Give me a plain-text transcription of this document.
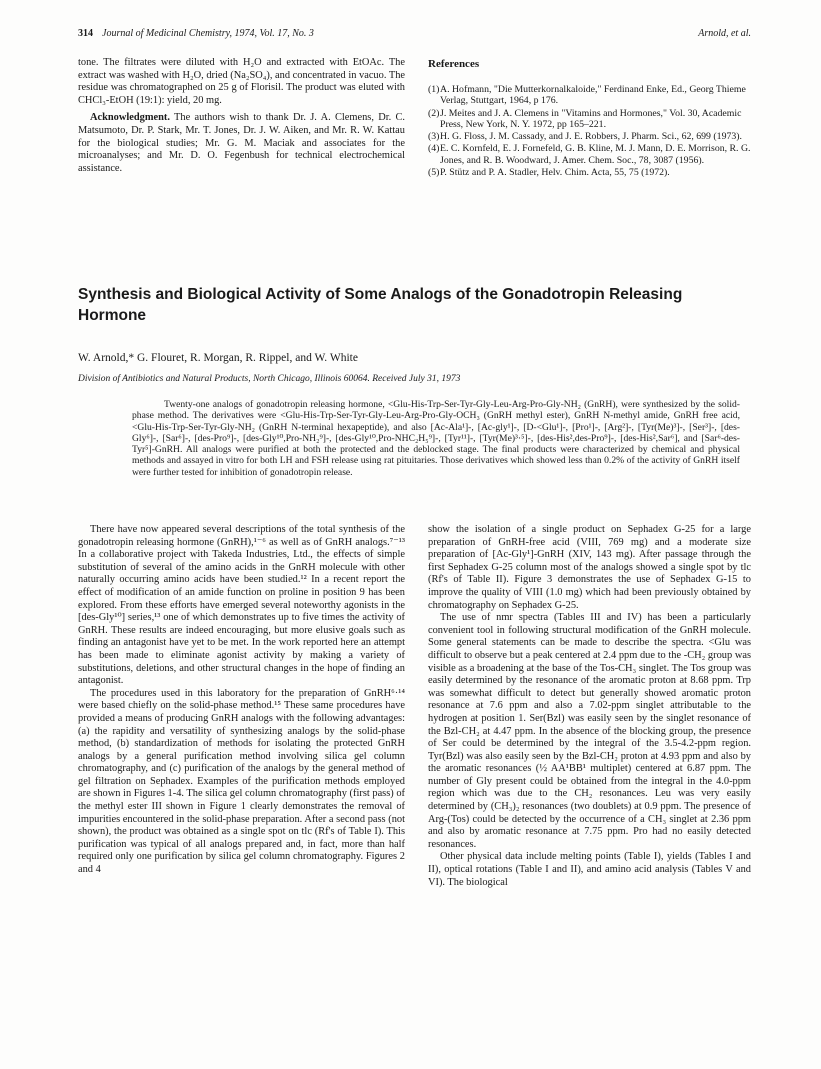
314 Journal of Medicinal Chemistry, 1974, Vol. 17, No. 3	Arnold, et al.

tone. The filtrates were diluted with H₂O and extracted with EtOAc. The extract was washed with H₂O, dried (Na₂SO₄), and concentrated in vacuo. The residue was chromatographed on 25 g of Florisil. The product was eluted with CHCl₃-EtOH (19:1): yield, 20 mg.

Acknowledgment. The authors wish to thank Dr. J. A. Clemens, Dr. C. Matsumoto, Dr. P. Stark, Mr. T. Jones, Dr. J. W. Aiken, and Mr. R. W. Kattau for the biological studies; Mr. G. M. Maciak and associates for the microanalyses; and Mr. D. O. Fegenbush for technical electrochemical assistance.

References

(1) A. Hofmann, "Die Mutterkornalkaloide," Ferdinand Enke, Ed., Georg Thieme Verlag, Stuttgart, 1964, p 176.
(2) J. Meites and J. A. Clemens in "Vitamins and Hormones," Vol. 30, Academic Press, New York, N. Y. 1972, pp 165–221.
(3) H. G. Floss, J. M. Cassady, and J. E. Robbers, J. Pharm. Sci., 62, 699 (1973).
(4) E. C. Kornfeld, E. J. Fornefeld, G. B. Kline, M. J. Mann, D. E. Morrison, R. G. Jones, and R. B. Woodward, J. Amer. Chem. Soc., 78, 3087 (1956).
(5) P. Stütz and P. A. Stadler, Helv. Chim. Acta, 55, 75 (1972).
Synthesis and Biological Activity of Some Analogs of the Gonadotropin Releasing Hormone

W. Arnold,* G. Flouret, R. Morgan, R. Rippel, and W. White

Division of Antibiotics and Natural Products, North Chicago, Illinois 60064. Received July 31, 1973

Twenty-one analogs of gonadotropin releasing hormone, <Glu-His-Trp-Ser-Tyr-Gly-Leu-Arg-Pro-Gly-NH₂ (GnRH), were synthesized by the solid-phase method. The derivatives were <Glu-His-Trp-Ser-Tyr-Gly-Leu-Arg-Pro-Gly-OCH₃ (GnRH methyl ester), GnRH N-methyl amide, GnRH free acid, <Glu-His-Trp-Ser-Tyr-Gly-NH₂ (GnRH N-terminal hexapeptide), and also [Ac-Ala¹]-, [Ac-gly¹]-, [D-<Glu¹]-, [Pro¹]-, [Arg²]-, [Tyr(Me)³]-, [Ser³]-, [des-Gly⁶]-, [Sar⁶]-, [des-Pro⁹]-, [des-Gly¹⁰,Pro-NH₂⁹]-, [des-Gly¹⁰,Pro-NHC₂H₅⁹]-, [Tyr¹¹]-, [Tyr(Me)³·⁵]-, [des-His²,des-Pro⁹]-, [des-His²,Sar⁶], and [Sar⁶-des-Tyr⁵]-GnRH. All analogs were purified at both the protected and the deblocked stage. The final products were characterized by chemical and physical methods and assayed in vitro for both LH and FSH release using rat pituitaries. Those derivatives which showed less than 0.2% of the activity of GnRH itself were further tested for inhibition of gonadotropin release.

There have now appeared several descriptions of the total synthesis of the gonadotropin releasing hormone (GnRH),¹⁻⁶ as well as of GnRH analogs.⁷⁻¹³ In a collaborative project with Takeda Industries, Ltd., the effects of simple substitution of several of the amino acids in the GnRH molecule with other naturally occurring amino acids have been studied.¹² In a recent report the effect of modification of an amide function on proline in position 9 has been explored. From these efforts have emerged several noteworthy agonists in the [des-Gly¹⁰] series,¹³ one of which demonstrates up to five times the activity of GnRH. These results are indeed encouraging, but more elusive goals such as finding an antagonist have yet to be met. In the work reported here an attempt has been made to eliminate agonist activity by making a variety of substitutions, deletions, and other structural changes in the hope of finding an antagonist.

The procedures used in this laboratory for the preparation of GnRH⁶·¹⁴ were based chiefly on the solid-phase method.¹⁵ These same procedures have provided a means of producing GnRH analogs with the following advantages: (a) the rapidity and versatility of synthesizing analogs by the solid-phase method, (b) standardization of methods for isolating the protected GnRH analogs by a general purification method involving silica gel column chromatography, and (c) purification of the analogs by the general method of gel filtration on Sephadex. Examples of the purification methods employed are shown in Figures 1-4. The silica gel column chromatography (first pass) of the methyl ester III shown in Figure 1 clearly demonstrates the removal of impurities encountered in the solid-phase preparation. After a second pass (not shown), the product was obtained as a single spot on tlc (Rf's of Table I). This purification was typical of all analogs prepared and, in fact, more than half required only one purification by silica gel column chromatography. Figures 2 and 4

show the isolation of a single product on Sephadex G-25 for a large preparation of GnRH-free acid (VIII, 769 mg) and a moderate size preparation of [Ac-Gly¹]-GnRH (XIV, 143 mg). After passage through the first Sephadex G-25 column most of the analogs showed a single spot by tlc (Rf's of Table II). Figure 3 demonstrates the use of Sephadex G-15 to improve the quality of VIII (1.0 mg) which had been previously obtained by chromatography on Sephadex G-25.

The use of nmr spectra (Tables III and IV) has been a particularly convenient tool in following structural modification of the GnRH molecule. Some general statements can be made to describe the spectra. <Glu was difficult to observe but a peak centered at 2.4 ppm due to the -CH₂ group was visible as a broadening at the base of the Tos-CH₃ singlet. The Tos group was easily determined by the resonance of the aromatic proton at 8.68 ppm. Trp was somewhat difficult to detect but generally showed aromatic proton resonance at 7.6 ppm and also a 7.02-ppm singlet attributable to the hydrogen at position 1. Ser(Bzl) was easily seen by the singlet resonance of the Bzl-CH₂ at 4.47 ppm. In the absence of the blocking group, the presence of Ser could be determined by the integral of the 3.5-4.2-ppm region. Tyr(Bzl) was also easily seen by the Bzl-CH₂ proton at 4.93 ppm and also by the aromatic resonances (½ AA¹BB¹ multiplet) centered at 6.87 ppm. The number of Gly present could be obtained from the integral in the 4.0-ppm region which was due to the CH₂ resonances. Leu was very easily determined by (CH₃)₂ resonances (two doublets) at 0.9 ppm. The presence of Arg-(Tos) could be detected by the occurrence of a CH₃ singlet at 2.36 ppm and also by aromatic resonance at 7.75 ppm. Pro had no easily detected resonances.

Other physical data include melting points (Table I), yields (Tables I and II), optical rotations (Table I and II), and amino acid analysis (Tables V and VI). The biological
